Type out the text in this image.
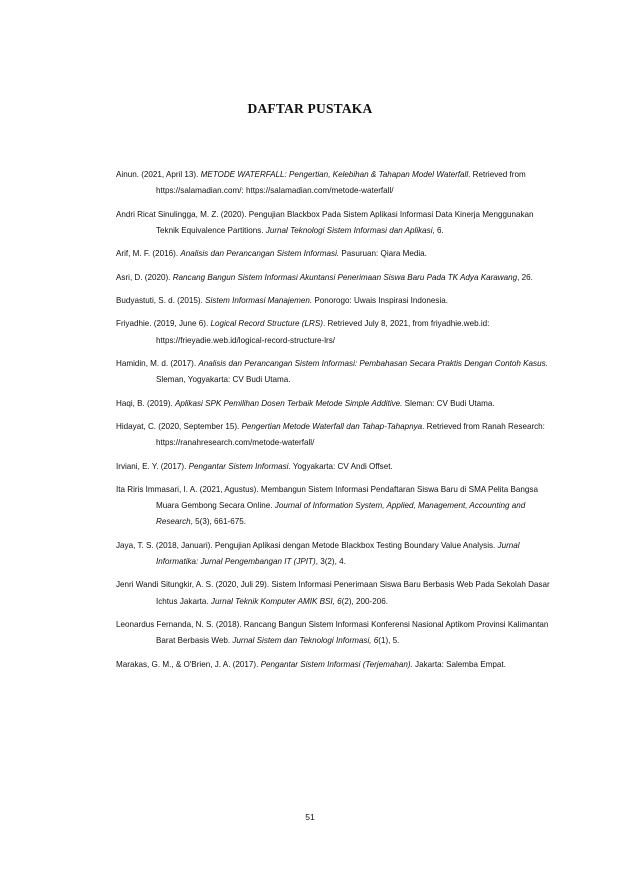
DAFTAR PUSTAKA

Ainun. (2021, April 13). METODE WATERFALL: Pengertian, Kelebihan & Tahapan Model Waterfall. Retrieved from https://salamadian.com/: https://salamadian.com/metode-waterfall/

Andri Ricat Sinulingga, M. Z. (2020). Pengujian Blackbox Pada Sistem Aplikasi Informasi Data Kinerja Menggunakan Teknik Equivalence Partitions. Jurnal Teknologi Sistem Informasi dan Aplikasi, 6.

Arif, M. F. (2016). Analisis dan Perancangan Sistem Informasi. Pasuruan: Qiara Media.

Asri, D. (2020). Rancang Bangun Sistem Informasi Akuntansi Penerimaan Siswa Baru Pada TK Adya Karawang, 26.

Budyastuti, S. d. (2015). Sistem Informasi Manajemen. Ponorogo: Uwais Inspirasi Indonesia.

Friyadhie. (2019, June 6). Logical Record Structure (LRS). Retrieved July 8, 2021, from friyadhie.web.id: https://frieyadie.web.id/logical-record-structure-lrs/

Hamidin, M. d. (2017). Analisis dan Perancangan Sistem Informasi: Pembahasan Secara Praktis Dengan Contoh Kasus. Sleman, Yogyakarta: CV Budi Utama.

Haqi, B. (2019). Aplikasi SPK Pemilihan Dosen Terbaik Metode Simple Additive. Sleman: CV Budi Utama.

Hidayat, C. (2020, September 15). Pengertian Metode Waterfall dan Tahap-Tahapnya. Retrieved from Ranah Research: https://ranahresearch.com/metode-waterfall/

Irviani, E. Y. (2017). Pengantar Sistem Informasi. Yogyakarta: CV Andi Offset.

Ita Riris Immasari, I. A. (2021, Agustus). Membangun Sistem Informasi Pendaftaran Siswa Baru di SMA Pelita Bangsa Muara Gembong Secara Online. Journal of Information System, Applied, Management, Accounting and Research, 5(3), 661-675.

Jaya, T. S. (2018, Januari). Pengujian Aplikasi dengan Metode Blackbox Testing Boundary Value Analysis. Jurnal Informatika: Jurnal Pengembangan IT (JPIT), 3(2), 4.

Jenri Wandi Situngkir, A. S. (2020, Juli 29). Sistem Informasi Penerimaan Siswa Baru Berbasis Web Pada Sekolah Dasar Ichtus Jakarta. Jurnal Teknik Komputer AMIK BSI, 6(2), 200-206.

Leonardus Fernanda, N. S. (2018). Rancang Bangun Sistem Informasi Konferensi Nasional Aptikom Provinsi Kalimantan Barat Berbasis Web. Jurnal Sistem dan Teknologi Informasi, 6(1), 5.

Marakas, G. M., & O'Brien, J. A. (2017). Pengantar Sistem Informasi (Terjemahan). Jakarta: Salemba Empat.

51
